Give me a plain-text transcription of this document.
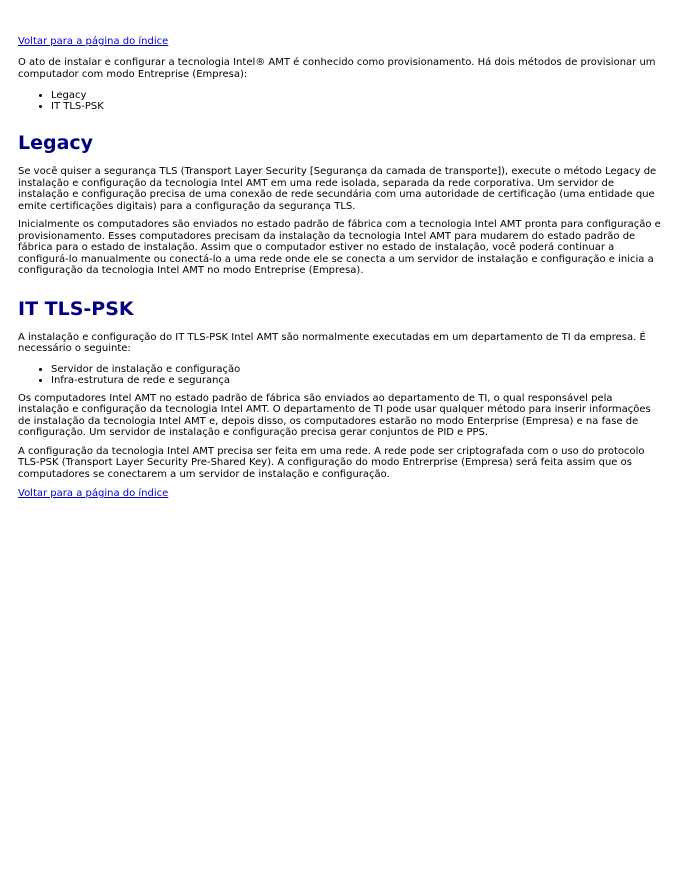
Voltar para a página do índice

O ato de instalar e configurar a tecnologia Intel® AMT é conhecido como provisionamento. Há dois métodos de provisionar um computador com modo Entreprise (Empresa):

• Legacy
• IT TLS-PSK
Legacy

Se você quiser a segurança TLS (Transport Layer Security [Segurança da camada de transporte]), execute o método Legacy de instalação e configuração da tecnologia Intel AMT em uma rede isolada, separada da rede corporativa. Um servidor de instalação e configuração precisa de uma conexão de rede secundária com uma autoridade de certificação (uma entidade que emite certificações digitais) para a configuração da segurança TLS.

Inicialmente os computadores são enviados no estado padrão de fábrica com a tecnologia Intel AMT pronta para configuração e provisionamento. Esses computadores precisam da instalação da tecnologia Intel AMT para mudarem do estado padrão de fábrica para o estado de instalação. Assim que o computador estiver no estado de instalação, você poderá continuar a configurá-lo manualmente ou conectá-lo a uma rede onde ele se conecta a um servidor de instalação e configuração e inicia a configuração da tecnologia Intel AMT no modo Entreprise (Empresa).

IT TLS-PSK

A instalação e configuração do IT TLS-PSK Intel AMT são normalmente executadas em um departamento de TI da empresa. É necessário o seguinte:

• Servidor de instalação e configuração
• Infra-estrutura de rede e segurança

Os computadores Intel AMT no estado padrão de fábrica são enviados ao departamento de TI, o qual responsável pela instalação e configuração da tecnologia Intel AMT. O departamento de TI pode usar qualquer método para inserir informações de instalação da tecnologia Intel AMT e, depois disso, os computadores estarão no modo Enterprise (Empresa) e na fase de configuração. Um servidor de instalação e configuração precisa gerar conjuntos de PID e PPS.

A configuração da tecnologia Intel AMT precisa ser feita em uma rede. A rede pode ser criptografada com o uso do protocolo TLS-PSK (Transport Layer Security Pre-Shared Key). A configuração do modo Entrerprise (Empresa) será feita assim que os computadores se conectarem a um servidor de instalação e configuração.

Voltar para a página do índice
